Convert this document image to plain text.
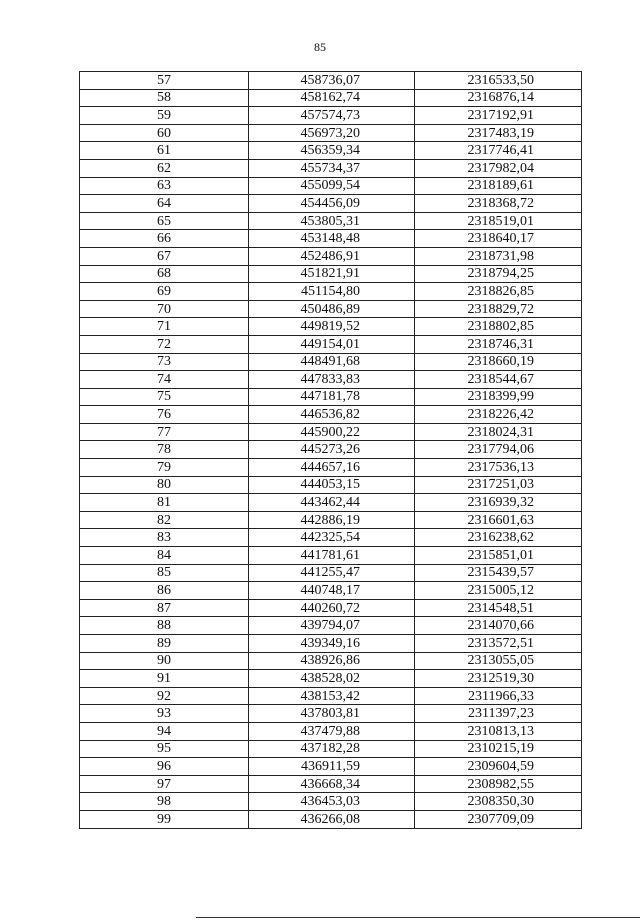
85
57	458736,07	2316533,50
58	458162,74	2316876,14
59	457574,73	2317192,91
60	456973,20	2317483,19
61	456359,34	2317746,41
62	455734,37	2317982,04
63	455099,54	2318189,61
64	454456,09	2318368,72
65	453805,31	2318519,01
66	453148,48	2318640,17
67	452486,91	2318731,98
68	451821,91	2318794,25
69	451154,80	2318826,85
70	450486,89	2318829,72
71	449819,52	2318802,85
72	449154,01	2318746,31
73	448491,68	2318660,19
74	447833,83	2318544,67
75	447181,78	2318399,99
76	446536,82	2318226,42
77	445900,22	2318024,31
78	445273,26	2317794,06
79	444657,16	2317536,13
80	444053,15	2317251,03
81	443462,44	2316939,32
82	442886,19	2316601,63
83	442325,54	2316238,62
84	441781,61	2315851,01
85	441255,47	2315439,57
86	440748,17	2315005,12
87	440260,72	2314548,51
88	439794,07	2314070,66
89	439349,16	2313572,51
90	438926,86	2313055,05
91	438528,02	2312519,30
92	438153,42	2311966,33
93	437803,81	2311397,23
94	437479,88	2310813,13
95	437182,28	2310215,19
96	436911,59	2309604,59
97	436668,34	2308982,55
98	436453,03	2308350,30
99	436266,08	2307709,09
